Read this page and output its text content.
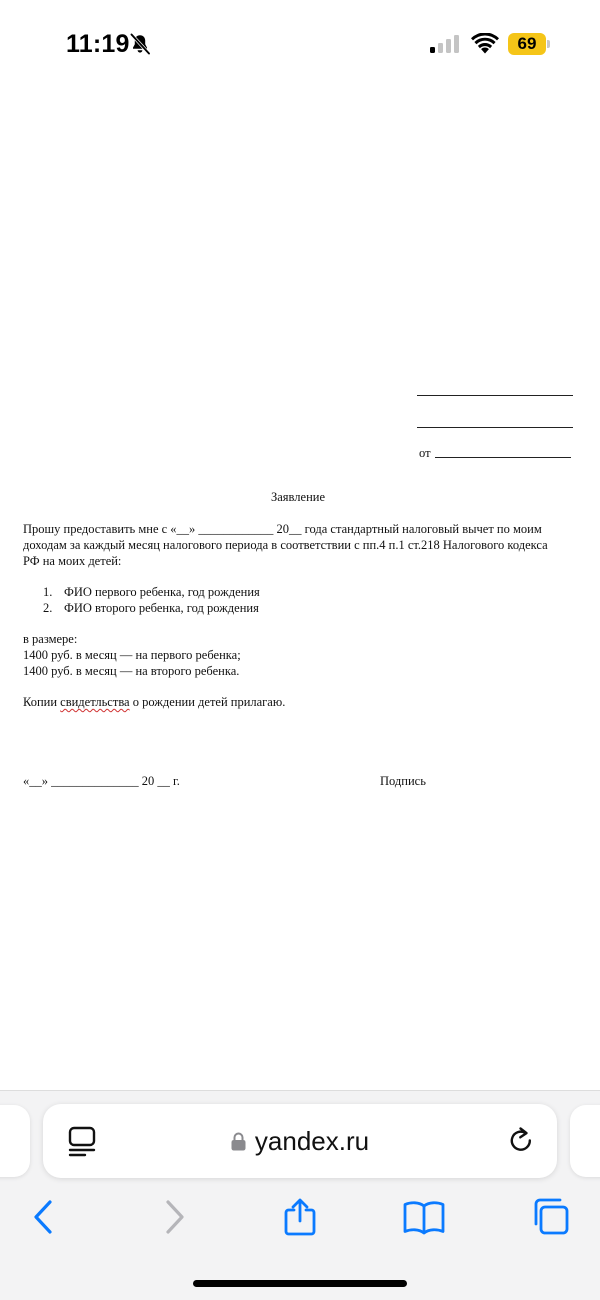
11:19	69
от
Заявление

Прошу предоставить мне с «__» ____________ 20__ года стандартный налоговый вычет по моим доходам за каждый месяц налогового периода в соответствии с пп.4 п.1 ст.218 Налогового кодекса РФ на моих детей:

1. ФИО первого ребенка, год рождения
2. ФИО второго ребенка, год рождения
в размере:
1400 руб. в месяц — на первого ребенка;
1400 руб. в месяц — на второго ребенка.
Копии свидетльства о рождении детей прилагаю.
«__» ______________ 20 __ г.	Подпись
yandex.ru
